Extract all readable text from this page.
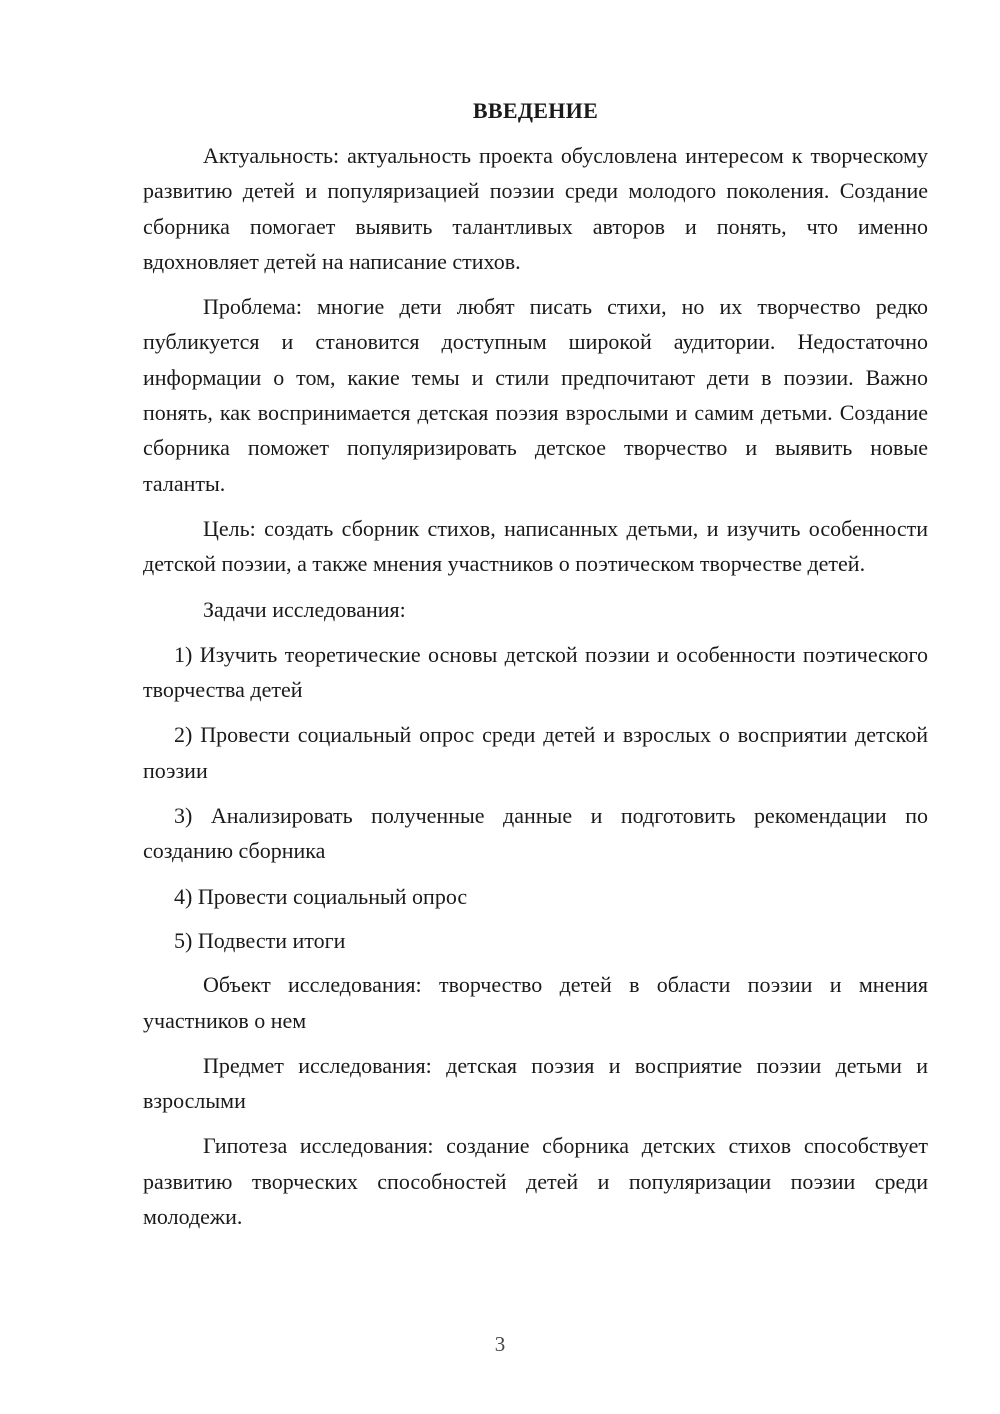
ВВЕДЕНИЕ

Актуальность: актуальность проекта обусловлена интересом к творческому развитию детей и популяризацией поэзии среди молодого поколения. Создание сборника помогает выявить талантливых авторов и понять, что именно вдохновляет детей на написание стихов.

Проблема: многие дети любят писать стихи, но их творчество редко публикуется и становится доступным широкой аудитории. Недостаточно информации о том, какие темы и стили предпочитают дети в поэзии. Важно понять, как воспринимается детская поэзия взрослыми и самим детьми. Создание сборника поможет популяризировать детское творчество и выявить новые таланты.

Цель: создать сборник стихов, написанных детьми, и изучить особенности детской поэзии, а также мнения участников о поэтическом творчестве детей.

Задачи исследования:

1) Изучить теоретические основы детской поэзии и особенности поэтического творчества детей

2) Провести социальный опрос среди детей и взрослых о восприятии детской поэзии

3) Анализировать полученные данные и подготовить рекомендации по созданию сборника

4) Провести социальный опрос

5) Подвести итоги

Объект исследования: творчество детей в области поэзии и мнения участников о нем

Предмет исследования: детская поэзия и восприятие поэзии детьми и взрослыми

Гипотеза исследования: создание сборника детских стихов способствует развитию творческих способностей детей и популяризации поэзии среди молодежи.

3
